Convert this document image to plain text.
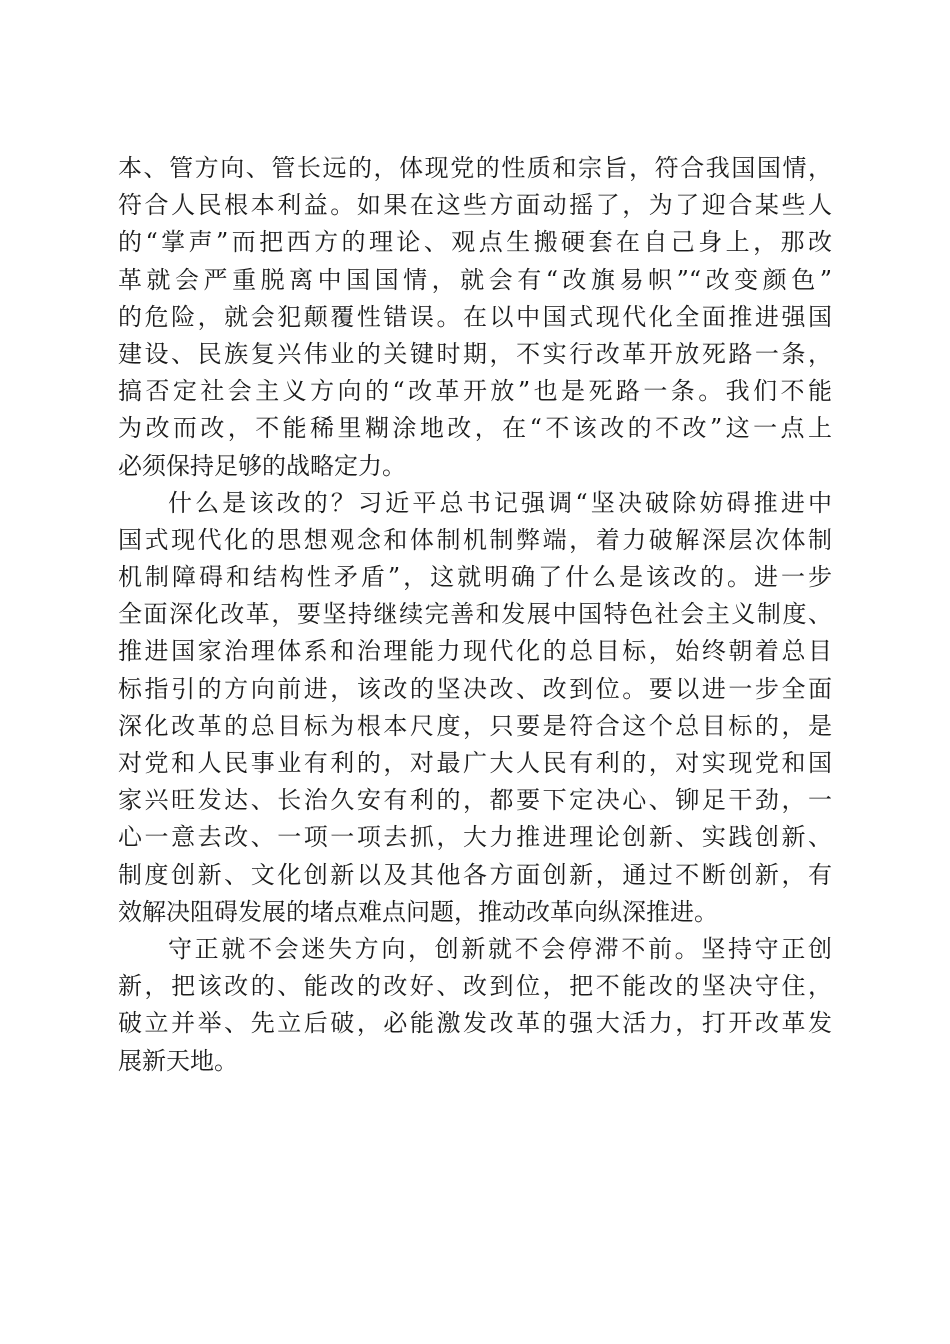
本、管方向、管长远的，体现党的性质和宗旨，符合我国国情，
符合人民根本利益。如果在这些方面动摇了，为了迎合某些人
的“掌声”而把西方的理论、观点生搬硬套在自己身上，那改
革就会严重脱离中国国情，就会有“改旗易帜”“改变颜色”
的危险，就会犯颠覆性错误。在以中国式现代化全面推进强国
建设、民族复兴伟业的关键时期，不实行改革开放死路一条，
搞否定社会主义方向的“改革开放”也是死路一条。我们不能
为改而改，不能稀里糊涂地改，在“不该改的不改”这一点上
必须保持足够的战略定力。
什么是该改的？习近平总书记强调“坚决破除妨碍推进中
国式现代化的思想观念和体制机制弊端，着力破解深层次体制
机制障碍和结构性矛盾”，这就明确了什么是该改的。进一步
全面深化改革，要坚持继续完善和发展中国特色社会主义制度、
推进国家治理体系和治理能力现代化的总目标，始终朝着总目
标指引的方向前进，该改的坚决改、改到位。要以进一步全面
深化改革的总目标为根本尺度，只要是符合这个总目标的，是
对党和人民事业有利的，对最广大人民有利的，对实现党和国
家兴旺发达、长治久安有利的，都要下定决心、铆足干劲，一
心一意去改、一项一项去抓，大力推进理论创新、实践创新、
制度创新、文化创新以及其他各方面创新，通过不断创新，有
效解决阻碍发展的堵点难点问题，推动改革向纵深推进。
守正就不会迷失方向，创新就不会停滞不前。坚持守正创
新，把该改的、能改的改好、改到位，把不能改的坚决守住，
破立并举、先立后破，必能激发改革的强大活力，打开改革发
展新天地。
